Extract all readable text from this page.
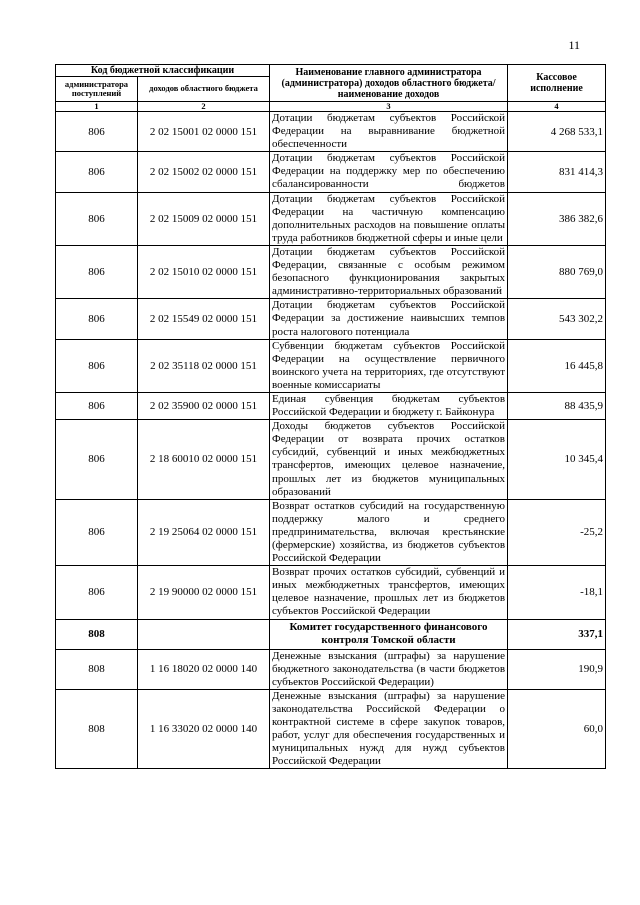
11
Код бюджетной классификации		Наименование главного администратора (администратора) доходов областного бюджета/ наименование доходов	Кассовое исполнение
администратора поступлений	доходов областного бюджета		
1	2	3	4
806	2 02 15001 02 0000 151	Дотации бюджетам субъектов Российской Федерации на выравнивание бюджетной обеспеченности	4 268 533,1
806	2 02 15002 02 0000 151	Дотации бюджетам субъектов Российской Федерации на поддержку мер по обеспечению сбалансированности бюджетов	831 414,3
806	2 02 15009 02 0000 151	Дотации бюджетам субъектов Российской Федерации на частичную компенсацию дополнительных расходов на повышение оплаты труда работников бюджетной сферы и иные цели	386 382,6
806	2 02 15010 02 0000 151	Дотации бюджетам субъектов Российской Федерации, связанные с особым режимом безопасного функционирования закрытых административно-территориальных образований	880 769,0
806	2 02 15549 02 0000 151	Дотации бюджетам субъектов Российской Федерации за достижение наивысших темпов роста налогового потенциала	543 302,2
806	2 02 35118 02 0000 151	Субвенции бюджетам субъектов Российской Федерации на осуществление первичного воинского учета на территориях, где отсутствуют военные комиссариаты	16 445,8
806	2 02 35900 02 0000 151	Единая субвенция бюджетам субъектов Российской Федерации и бюджету г. Байконура	88 435,9
806	2 18 60010 02 0000 151	Доходы бюджетов субъектов Российской Федерации от возврата прочих остатков субсидий, субвенций и иных межбюджетных трансфертов, имеющих целевое назначение, прошлых лет из бюджетов муниципальных образований	10 345,4
806	2 19 25064 02 0000 151	Возврат остатков субсидий на государственную поддержку малого и среднего предпринимательства, включая крестьянские (фермерские) хозяйства, из бюджетов субъектов Российской Федерации	-25,2
806	2 19 90000 02 0000 151	Возврат прочих остатков субсидий, субвенций и иных межбюджетных трансфертов, имеющих целевое назначение, прошлых лет из бюджетов субъектов Российской Федерации	-18,1
808		Комитет государственного финансового контроля Томской области	337,1
808	1 16 18020 02 0000 140	Денежные взыскания (штрафы) за нарушение бюджетного законодательства (в части бюджетов субъектов Российской Федерации)	190,9
808	1 16 33020 02 0000 140	Денежные взыскания (штрафы) за нарушение законодательства Российской Федерации о контрактной системе в сфере закупок товаров, работ, услуг для обеспечения государственных и муниципальных нужд для нужд субъектов Российской Федерации	60,0
